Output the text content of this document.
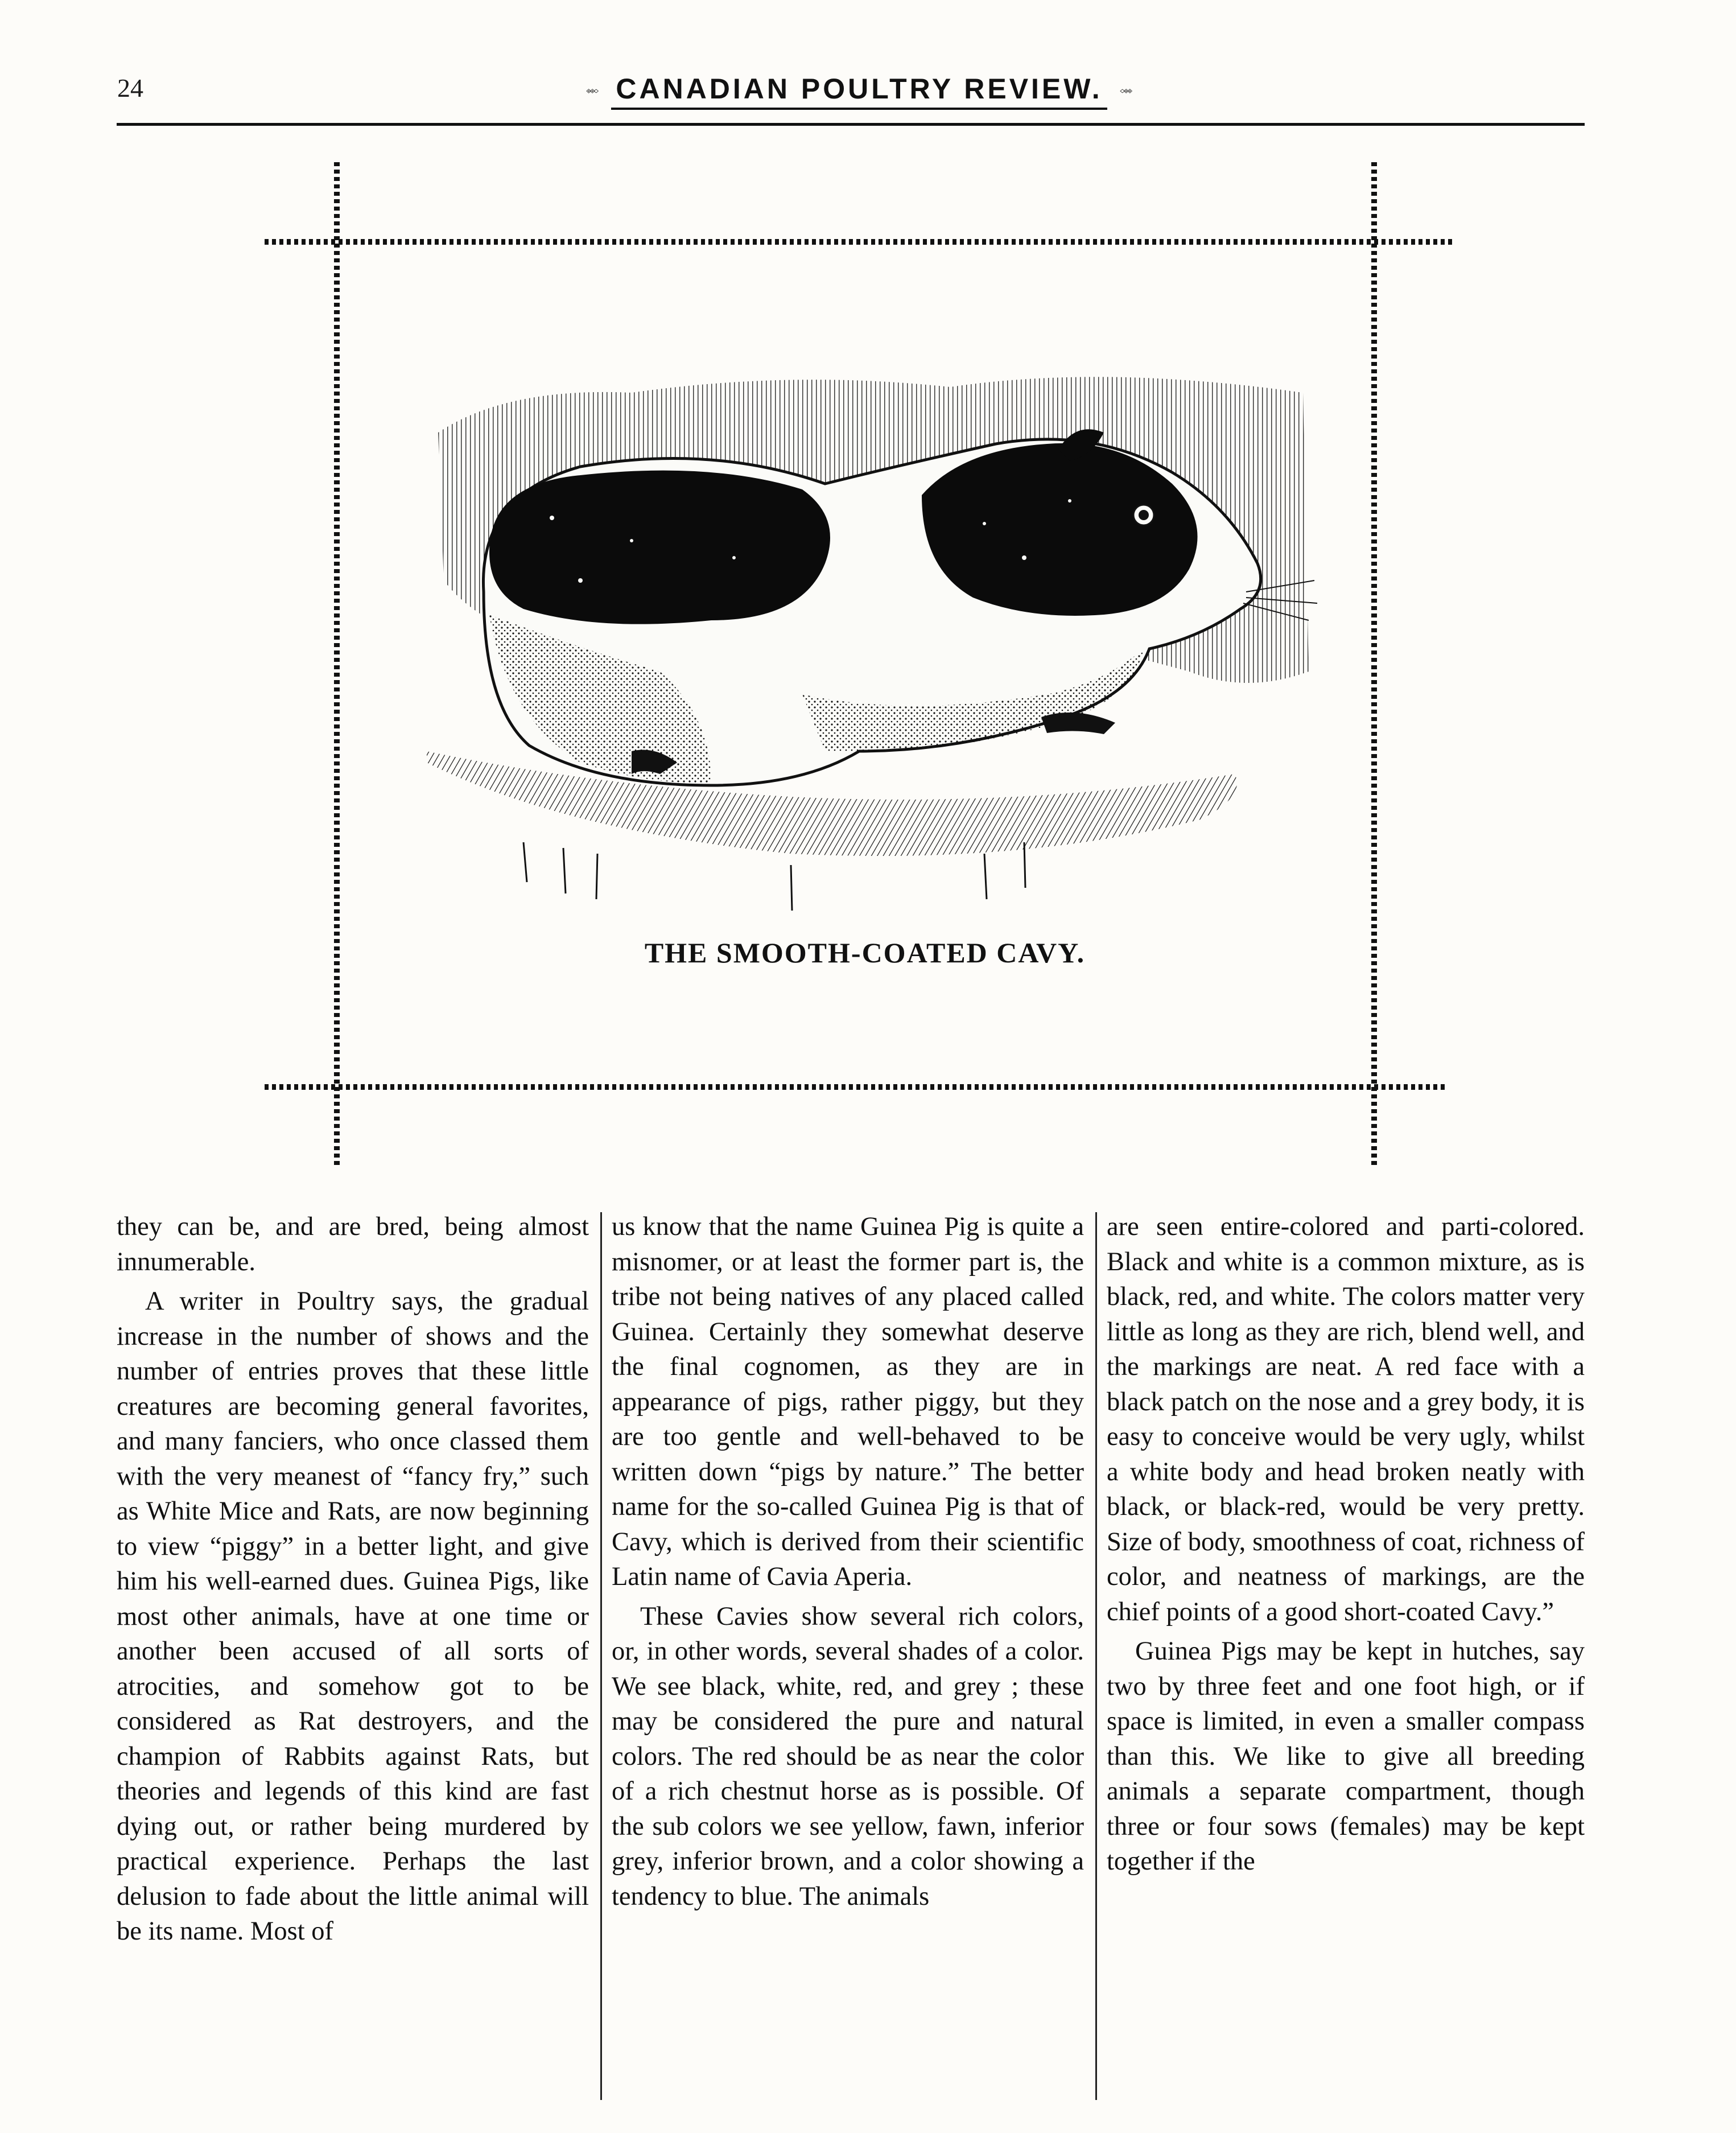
24	CANADIAN POULTRY REVIEW.
THE SMOOTH-COATED CAVY.

they can be, and are bred, being almost innumerable.

A writer in Poultry says, the gradual increase in the number of shows and the number of entries proves that these little creatures are becoming general favorites, and many fanciers, who once classed them with the very meanest of “fancy fry,” such as White Mice and Rats, are now beginning to view “piggy” in a better light, and give him his well-earned dues. Guinea Pigs, like most other animals, have at one time or another been accused of all sorts of atrocities, and somehow got to be considered as Rat destroyers, and the champion of Rabbits against Rats, but theories and legends of this kind are fast dying out, or rather being murdered by practical experience. Perhaps the last delusion to fade about the little animal will be its name. Most of

us know that the name Guinea Pig is quite a misnomer, or at least the former part is, the tribe not being natives of any placed called Guinea. Certainly they somewhat deserve the final cognomen, as they are in appearance of pigs, rather piggy, but they are too gentle and well-behaved to be written down “pigs by nature.” The better name for the so-called Guinea Pig is that of Cavy, which is derived from their scientific Latin name of Cavia Aperia.

These Cavies show several rich colors, or, in other words, several shades of a color. We see black, white, red, and grey ; these may be considered the pure and natural colors. The red should be as near the color of a rich chestnut horse as is possible. Of the sub colors we see yellow, fawn, inferior grey, inferior brown, and a color showing a tendency to blue. The animals

are seen entire-colored and parti-colored. Black and white is a common mixture, as is black, red, and white. The colors matter very little as long as they are rich, blend well, and the markings are neat. A red face with a black patch on the nose and a grey body, it is easy to conceive would be very ugly, whilst a white body and head broken neatly with black, or black-red, would be very pretty. Size of body, smoothness of coat, richness of color, and neatness of markings, are the chief points of a good short-coated Cavy.”

Guinea Pigs may be kept in hutches, say two by three feet and one foot high, or if space is limited, in even a smaller compass than this. We like to give all breeding animals a separate compartment, though three or four sows (females) may be kept together if the
